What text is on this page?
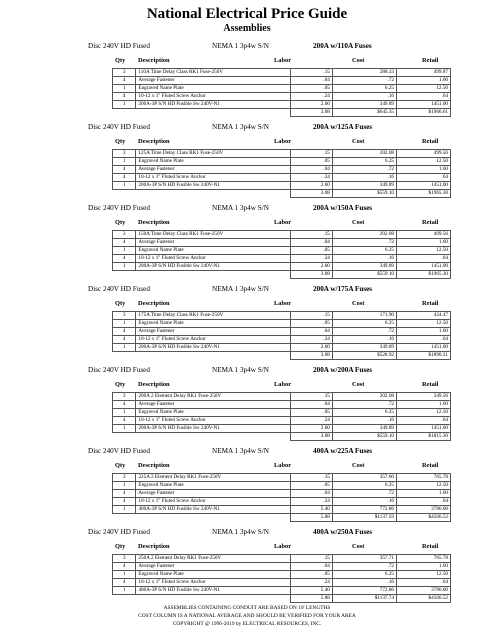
National Electrical Price Guide
Assemblies
Disc 240V HD Fused	NEMA 1 3p4w S/N	200A w/110A Fuses
Qty Description	Labor	Cost	Retail
3	110A Time Delay Class RK1 Fuse-250V	.15	288.33	499.87
4	Average Fastener	.04	.72	1.60
1	Engraved Name Plate	.05	6.25	12.50
4	10-12 x 1" Fluted Screw Anchor	.24	.16	.64
1	200A-3P S/N HD Fusible Sw 240V-N1	2.60	349.89	1451.00
		3.08	$645.35	$1966.61
Disc 240V HD Fused	NEMA 1 3p4w S/N	200A w/125A Fuses
Qty Description	Labor	Cost	Retail
3	125A Time Delay Class RK1 Fuse-250V	.15	202.08	499.56
1	Engraved Name Plate	.05	6.25	12.50
4	Average Fastener	.04	.72	1.60
4	10-12 x 1" Fluted Screw Anchor	.24	.16	.64
1	200A-3P S/N HD Fusible Sw 240V-N1	2.60	349.89	1451.00
		3.08	$559.10	$1965.30
Disc 240V HD Fused	NEMA 1 3p4w S/N	200A w/150A Fuses
Qty Description	Labor	Cost	Retail
3	150A Time Delay Class RK1 Fuse-250V	.15	202.08	499.56
4	Average Fastener	.04	.72	1.60
1	Engraved Name Plate	.05	6.25	12.50
4	10-12 x 1" Fluted Screw Anchor	.24	.16	.64
1	200A-3P S/N HD Fusible Sw 240V-N1	2.60	349.89	1451.00
		3.08	$559.10	$1965.30
Disc 240V HD Fused	NEMA 1 3p4w S/N	200A w/175A Fuses
Qty Description	Labor	Cost	Retail
3	175A Time Delay Class RK1 Fuse-250V	.15	171.90	424.47
1	Engraved Name Plate	.05	6.25	12.50
4	Average Fastener	.04	.72	1.60
4	10-12 x 1" Fluted Screw Anchor	.24	.16	.64
1	200A-3P S/N HD Fusible Sw 240V-N1	2.60	349.89	1451.00
		3.08	$528.92	$1890.21
Disc 240V HD Fused	NEMA 1 3p4w S/N	200A w/200A Fuses
Qty Description	Labor	Cost	Retail
3	200A 2 Element Delay RK1 Fuse-250V	.15	202.08	349.56
4	Average Fastener	.04	.72	1.60
1	Engraved Name Plate	.05	6.25	12.50
4	10-12 x 1" Fluted Screw Anchor	.24	.16	.64
1	200A-3P S/N HD Fusible Sw 240V-N1	2.60	349.89	1451.00
		3.08	$559.10	$1815.30
Disc 240V HD Fused	NEMA 1 3p4w S/N	400A w/225A Fuses
Qty Description	Labor	Cost	Retail
3	225A 2 Element Delay RK1 Fuse-250V	.15	357.60	765.78
1	Engraved Name Plate	.05	6.25	12.50
4	Average Fastener	.04	.72	1.60
4	10-12 x 1" Fluted Screw Anchor	.24	.16	.64
1	400A-3P S/N HD Fusible Sw 240V-N1	5.40	772.86	3786.00
		5.88	$1137.59	$4566.52
Disc 240V HD Fused	NEMA 1 3p4w S/N	400A w/250A Fuses
Qty Description	Labor	Cost	Retail
3	250A 2 Element Delay RK1 Fuse-250V	.15	357.71	765.78
4	Average Fastener	.04	.72	1.60
1	Engraved Name Plate	.05	6.25	12.50
4	10-12 x 1" Fluted Screw Anchor	.24	.16	.64
1	400A-3P S/N HD Fusible Sw 240V-N1	5.40	772.86	3786.00
		5.88	$1137.74	$4566.52
ASSEMBLIES CONTAINING CONDUIT ARE BASED ON 10' LENGTHS
COST COLUMN IS A NATIONAL AVERAGE AND SHOULD BE VERIFIED FOR YOUR AREA
COPYRIGHT @ 1996-2019 by ELECTRICAL RESOURCES, INC.
